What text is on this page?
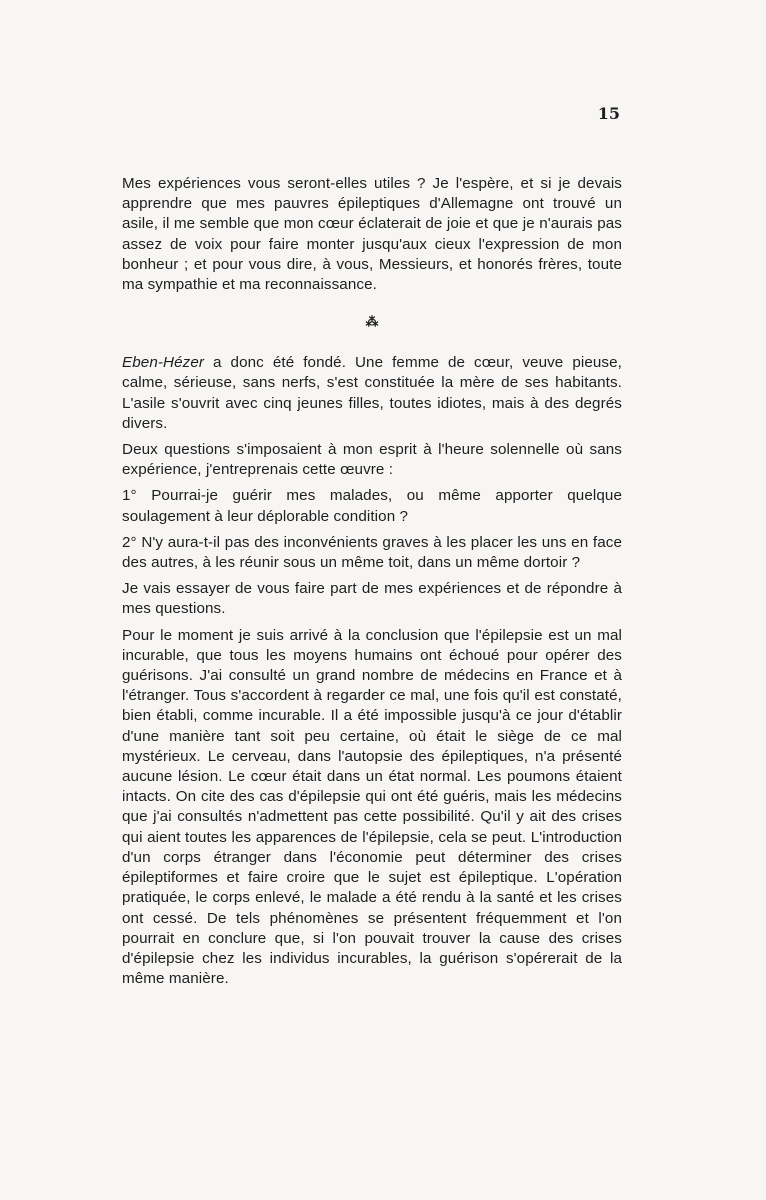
15

Mes expériences vous seront-elles utiles ? Je l'espère, et si je devais apprendre que mes pauvres épileptiques d'Allemagne ont trouvé un asile, il me semble que mon cœur éclaterait de joie et que je n'aurais pas assez de voix pour faire monter jusqu'aux cieux l'expression de mon bonheur ; et pour vous dire, à vous, Messieurs, et honorés frères, toute ma sympathie et ma reconnaissance.

⁂

Eben-Hézer a donc été fondé. Une femme de cœur, veuve pieuse, calme, sérieuse, sans nerfs, s'est constituée la mère de ses habitants. L'asile s'ouvrit avec cinq jeunes filles, toutes idiotes, mais à des degrés divers.

Deux questions s'imposaient à mon esprit à l'heure solennelle où sans expérience, j'entreprenais cette œuvre :

1° Pourrai-je guérir mes malades, ou même apporter quelque soulagement à leur déplorable condition ?

2° N'y aura-t-il pas des inconvénients graves à les placer les uns en face des autres, à les réunir sous un même toit, dans un même dortoir ?

Je vais essayer de vous faire part de mes expériences et de répondre à mes questions.

Pour le moment je suis arrivé à la conclusion que l'épilepsie est un mal incurable, que tous les moyens humains ont échoué pour opérer des guérisons. J'ai consulté un grand nombre de médecins en France et à l'étranger. Tous s'accordent à regarder ce mal, une fois qu'il est constaté, bien établi, comme incurable. Il a été impossible jusqu'à ce jour d'établir d'une manière tant soit peu certaine, où était le siège de ce mal mystérieux. Le cerveau, dans l'autopsie des épileptiques, n'a présenté aucune lésion. Le cœur était dans un état normal. Les poumons étaient intacts. On cite des cas d'épilepsie qui ont été guéris, mais les médecins que j'ai consultés n'admettent pas cette possibilité. Qu'il y ait des crises qui aient toutes les apparences de l'épilepsie, cela se peut. L'introduction d'un corps étranger dans l'économie peut déterminer des crises épileptiformes et faire croire que le sujet est épileptique. L'opération pratiquée, le corps enlevé, le malade a été rendu à la santé et les crises ont cessé. De tels phénomènes se présentent fréquemment et l'on pourrait en conclure que, si l'on pouvait trouver la cause des crises d'épilepsie chez les individus incurables, la guérison s'opérerait de la même manière.
